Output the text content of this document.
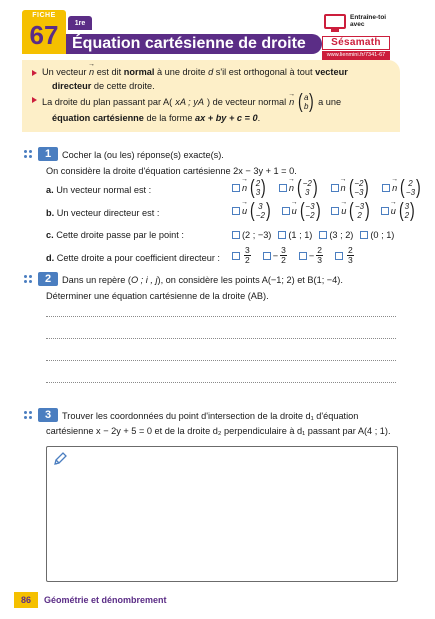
FICHE
67	1re
Équation cartésienne de droite
Entraîne-toi
avec
Sésamath
www.lienmini.fr/7341-67
Un vecteur → n est dit normal à une droite d s'il est orthogonal à tout vecteur
directeur de cette droite.
La droite du plan passant par A( xA ; yA ) de vecteur normal → n ( a
b ) a une
équation cartésienne de la forme ax + by + c = 0.
1	Cocher la (ou les) réponse(s) exacte(s).
On considère la droite d'équation cartésienne 2x − 3y + 1 = 0.
a. Un vecteur normal est :	→ n ( 2
3 )	→ n ( −2
3 )	→ n ( −2
−3 )	→ n ( 2
−3 )
b. Un vecteur directeur est :	→ u ( 3
−2 ) → u ( −3
−2 ) → u ( −3
2 ) → u ( 3
2 )
c. Cette droite passe par le point :	(2 ; −3) (1 ; 1) (3 ; 2) (0 ; 1)
d. Cette droite a pour coefficient directeur :	$\frac{3}{2} - \frac{3}{2} - \frac{2}{3}$	$\frac{2}{3}$
2	Dans un repère (O ; i , j), on considère les points A(−1; 2) et B(1; −4).
Déterminer une équation cartésienne de la droite (AB).
3	Trouver les coordonnées du point d'intersection de la droite d₁ d'équation
cartésienne x − 2y + 5 = 0 et de la droite d₂ perpendiculaire à d₁ passant par A(4 ; 1).
86	Géométrie et dénombrement
